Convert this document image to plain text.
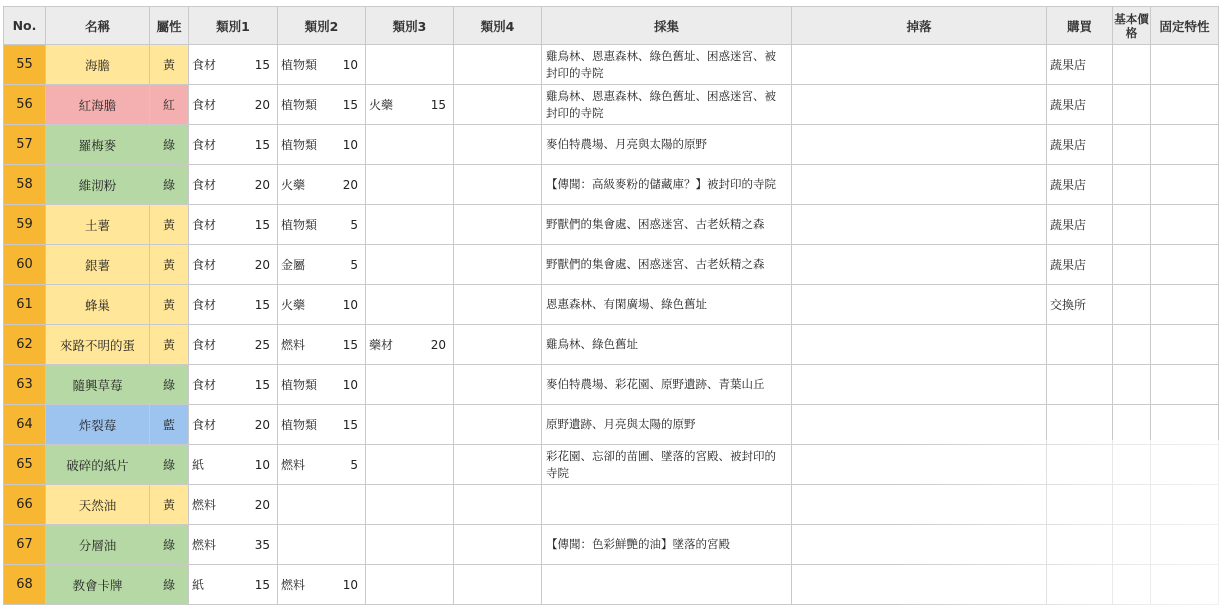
No.	名稱	屬性	類別1	類別2	類別3	類別4	採集	掉落	購買	基本價格	固定特性
55	海膽	黃	食材 15	植物類 10			雞鳥林、恩惠森林、綠色舊址、困惑迷宮、被封印的寺院		蔬果店		
56	紅海膽	紅	食材 20	植物類 15	火藥 15		雞鳥林、恩惠森林、綠色舊址、困惑迷宮、被封印的寺院		蔬果店		
57	羅梅麥	綠	食材 15	植物類 10			麥伯特農場、月亮與太陽的原野		蔬果店		
58	維沏粉	綠	食材 20	火藥 20			【傳聞：高級麥粉的儲藏庫？】被封印的寺院		蔬果店		
59	土薯	黃	食材 15	植物類 5			野獸們的集會處、困惑迷宮、古老妖精之森		蔬果店		
60	銀薯	黃	食材 20	金屬 5			野獸們的集會處、困惑迷宮、古老妖精之森		蔬果店		
61	蜂巢	黃	食材 15	火藥 10			恩惠森林、有閑廣場、綠色舊址		交換所		
62	來路不明的蛋	黃	食材 25	燃料 15	藥材 20		雞鳥林、綠色舊址				
63	隨興草莓	綠	食材 15	植物類 10			麥伯特農場、彩花園、原野遺跡、青葉山丘				
64	炸裂莓	藍	食材 20	植物類 15			原野遺跡、月亮與太陽的原野				
65	破碎的紙片	綠	紙 10	燃料 5			彩花園、忘卻的苗圃、墜落的宮殿、被封印的寺院				
66	天然油	黃	燃料 20								

67	分層油	綠	燃料 35				【傳聞：色彩鮮艷的油】墜落的宮殿				
68	教會卡牌	綠	紙 15	燃料 10							
